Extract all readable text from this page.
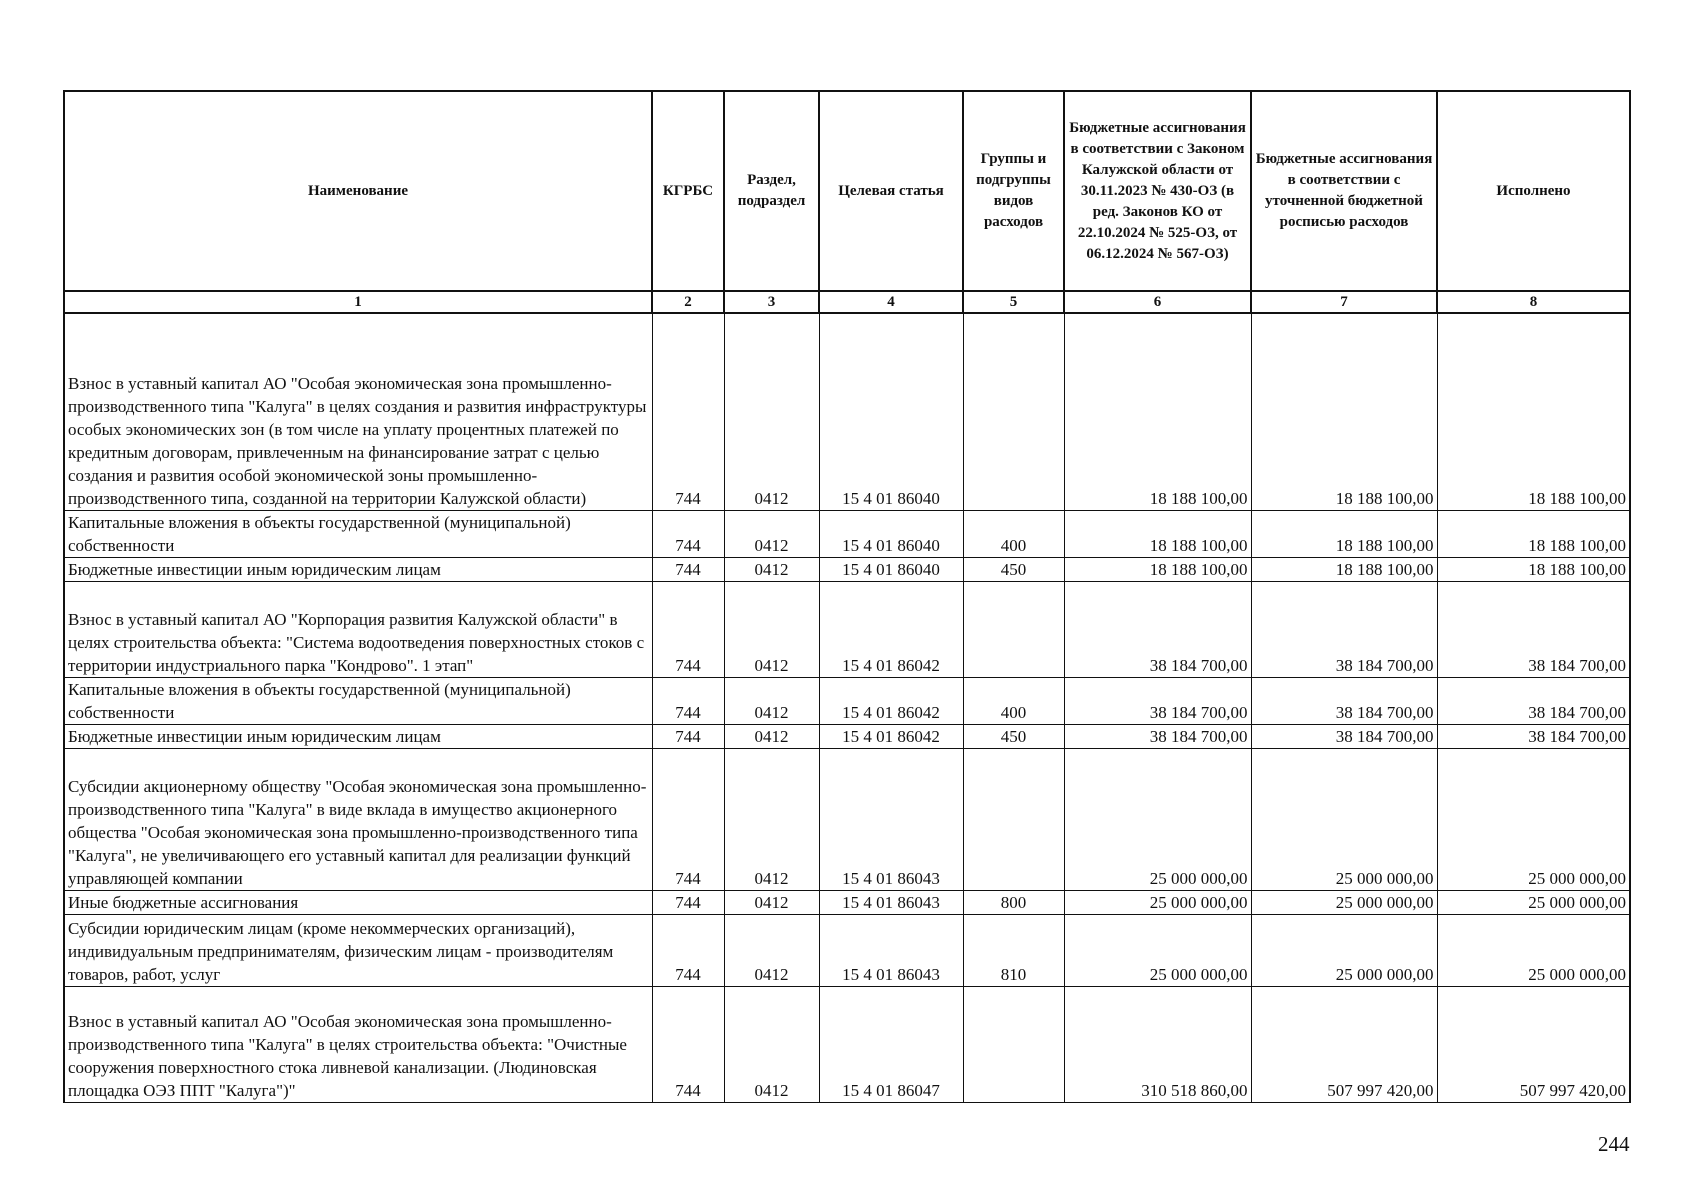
Наименование	КГРБС	Раздел, подраздел	Целевая статья	Группы и подгруппы видов расходов	Бюджетные ассигнования в соответствии с Законом Калужской области от 30.11.2023 № 430-ОЗ (в ред. Законов КО от 22.10.2024 № 525-ОЗ, от 06.12.2024 № 567-ОЗ)	Бюджетные ассигнования в соответствии с уточненной бюджетной росписью расходов	Исполнено
1	2	3	4	5	6	7	8
Взнос в уставный капитал АО "Особая экономическая зона промышленно-производственного типа "Калуга" в целях создания и развития инфраструктуры особых экономических зон (в том числе на уплату процентных платежей по кредитным договорам, привлеченным на финансирование затрат с целью создания и развития особой экономической зоны промышленно-производственного типа, созданной на территории Калужской области)	744	0412	15 4 01 86040		18 188 100,00	18 188 100,00	18 188 100,00
Капитальные вложения в объекты государственной (муниципальной) собственности	744	0412	15 4 01 86040	400	18 188 100,00	18 188 100,00	18 188 100,00
Бюджетные инвестиции иным юридическим лицам	744	0412	15 4 01 86040	450	18 188 100,00	18 188 100,00	18 188 100,00
Взнос в уставный капитал АО "Корпорация развития Калужской области" в целях строительства объекта: "Система водоотведения поверхностных стоков с территории индустриального парка "Кондрово". 1 этап"	744	0412	15 4 01 86042		38 184 700,00	38 184 700,00	38 184 700,00
Капитальные вложения в объекты государственной (муниципальной) собственности	744	0412	15 4 01 86042	400	38 184 700,00	38 184 700,00	38 184 700,00
Бюджетные инвестиции иным юридическим лицам	744	0412	15 4 01 86042	450	38 184 700,00	38 184 700,00	38 184 700,00
Субсидии акционерному обществу "Особая экономическая зона промышленно-производственного типа "Калуга" в виде вклада в имущество акционерного общества "Особая экономическая зона промышленно-производственного типа "Калуга", не увеличивающего его уставный капитал для реализации функций управляющей компании	744	0412	15 4 01 86043		25 000 000,00	25 000 000,00	25 000 000,00
Иные бюджетные ассигнования	744	0412	15 4 01 86043	800	25 000 000,00	25 000 000,00	25 000 000,00
Субсидии юридическим лицам (кроме некоммерческих организаций), индивидуальным предпринимателям, физическим лицам - производителям товаров, работ, услуг	744	0412	15 4 01 86043	810	25 000 000,00	25 000 000,00	25 000 000,00
Взнос в уставный капитал АО "Особая экономическая зона промышленно-производственного типа "Калуга" в целях строительства объекта: "Очистные сооружения поверхностного стока ливневой канализации. (Людиновская площадка ОЭЗ ППТ "Калуга")"	744	0412	15 4 01 86047		310 518 860,00	507 997 420,00	507 997 420,00
244
